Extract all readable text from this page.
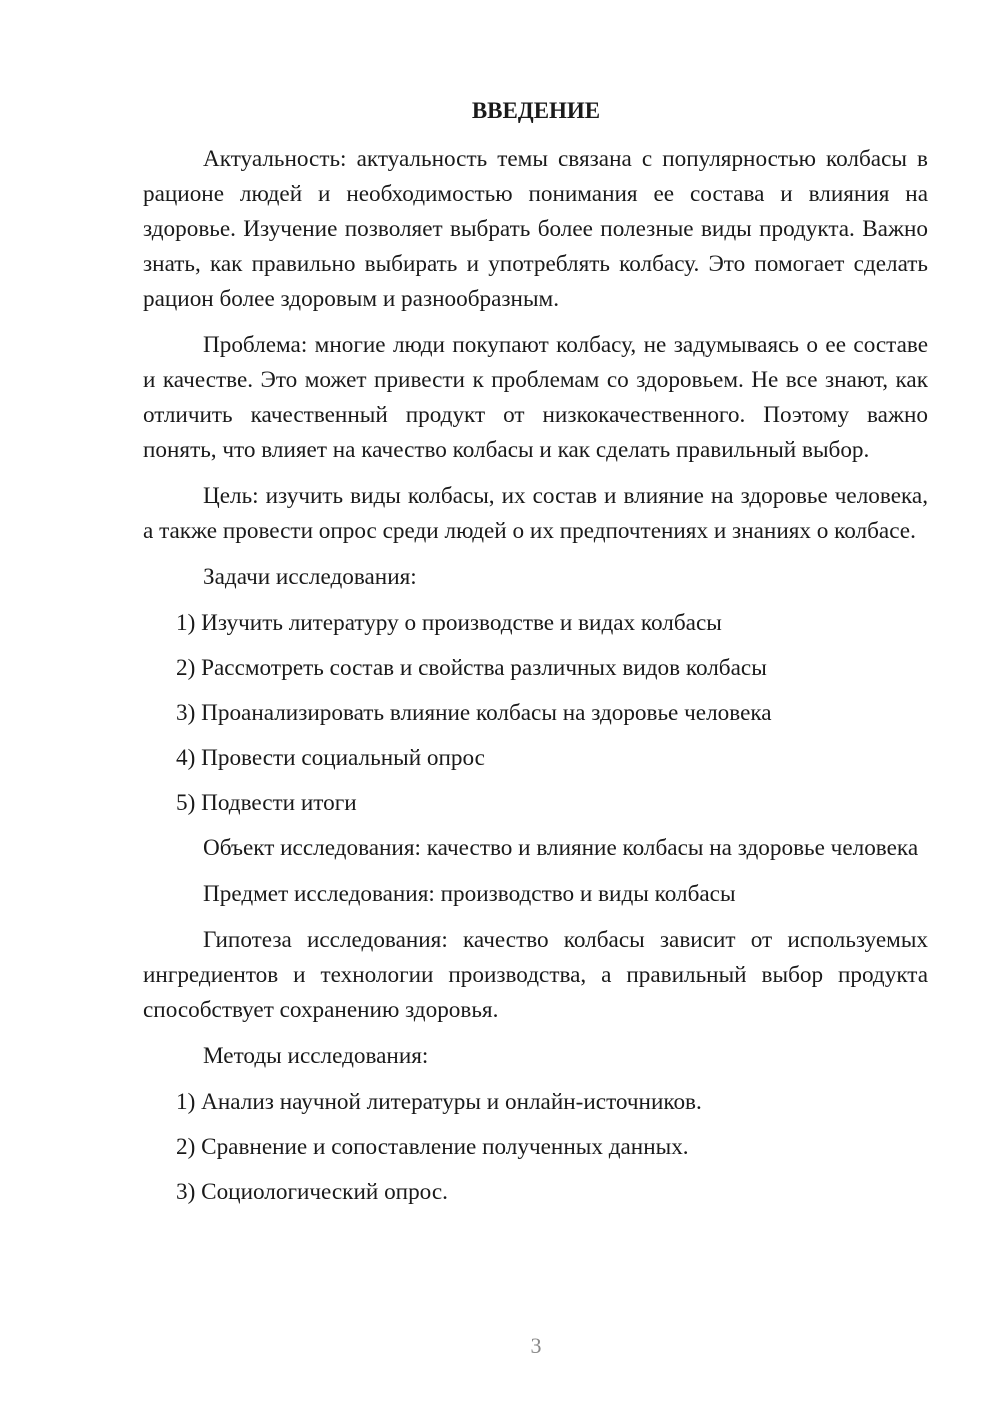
ВВЕДЕНИЕ

Актуальность: актуальность темы связана с популярностью колбасы в рационе людей и необходимостью понимания ее состава и влияния на здоровье. Изучение позволяет выбрать более полезные виды продукта. Важно знать, как правильно выбирать и употреблять колбасу. Это помогает сделать рацион более здоровым и разнообразным.

Проблема: многие люди покупают колбасу, не задумываясь о ее составе и качестве. Это может привести к проблемам со здоровьем. Не все знают, как отличить качественный продукт от низкокачественного. Поэтому важно понять, что влияет на качество колбасы и как сделать правильный выбор.

Цель: изучить виды колбасы, их состав и влияние на здоровье человека, а также провести опрос среди людей о их предпочтениях и знаниях о колбасе.

Задачи исследования:

1) Изучить литературу о производстве и видах колбасы

2) Рассмотреть состав и свойства различных видов колбасы

3) Проанализировать влияние колбасы на здоровье человека

4) Провести социальный опрос

5) Подвести итоги

Объект исследования: качество и влияние колбасы на здоровье человека

Предмет исследования: производство и виды колбасы

Гипотеза исследования: качество колбасы зависит от используемых ингредиентов и технологии производства, а правильный выбор продукта способствует сохранению здоровья.

Методы исследования:

1) Анализ научной литературы и онлайн-источников.

2) Сравнение и сопоставление полученных данных.

3) Социологический опрос.

3
